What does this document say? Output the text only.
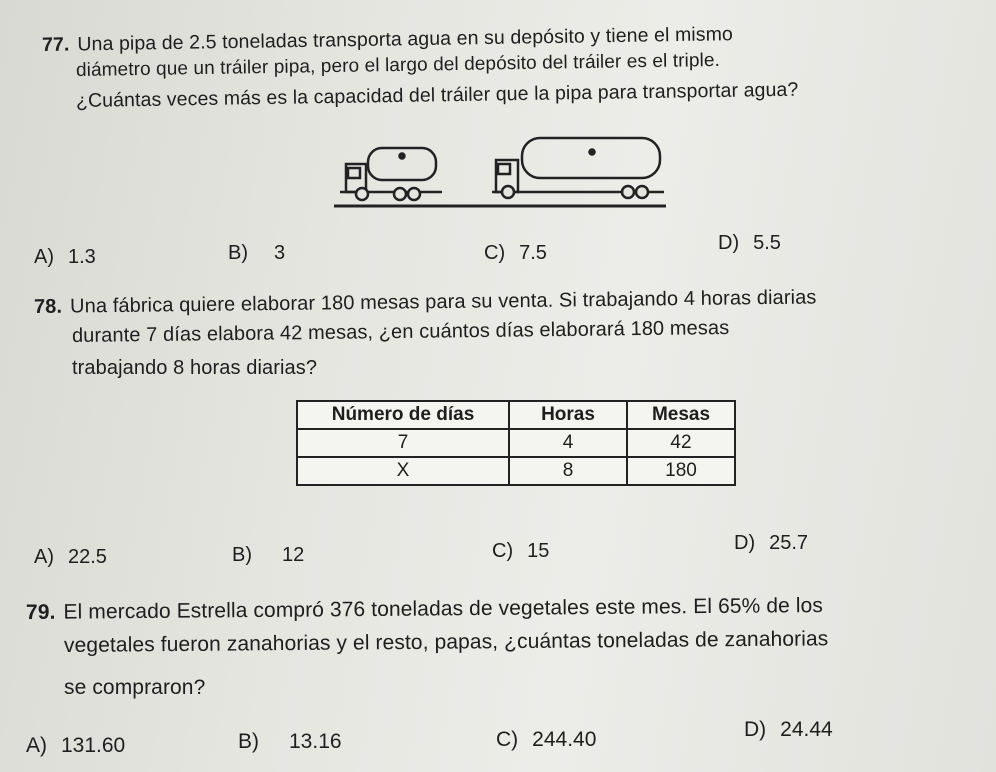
77. Una pipa de 2.5 toneladas transporta agua en su depósito y tiene el mismo
diámetro que un tráiler pipa, pero el largo del depósito del tráiler es el triple.
¿Cuántas veces más es la capacidad del tráiler que la pipa para transportar agua?
A) 1.3	B) 3	C) 7.5	D) 5.5
78. Una fábrica quiere elaborar 180 mesas para su venta. Si trabajando 4 horas diarias
durante 7 días elabora 42 mesas, ¿en cuántos días elaborará 180 mesas
trabajando 8 horas diarias?
Número de días	Horas	Mesas
7	4	42
X	8	180
A) 22.5	B) 12	C) 15	D) 25.7
79. El mercado Estrella compró 376 toneladas de vegetales este mes. El 65% de los
vegetales fueron zanahorias y el resto, papas, ¿cuántas toneladas de zanahorias
se compraron?
A) 131.60	B) 13.16	C) 244.40	D) 24.44
